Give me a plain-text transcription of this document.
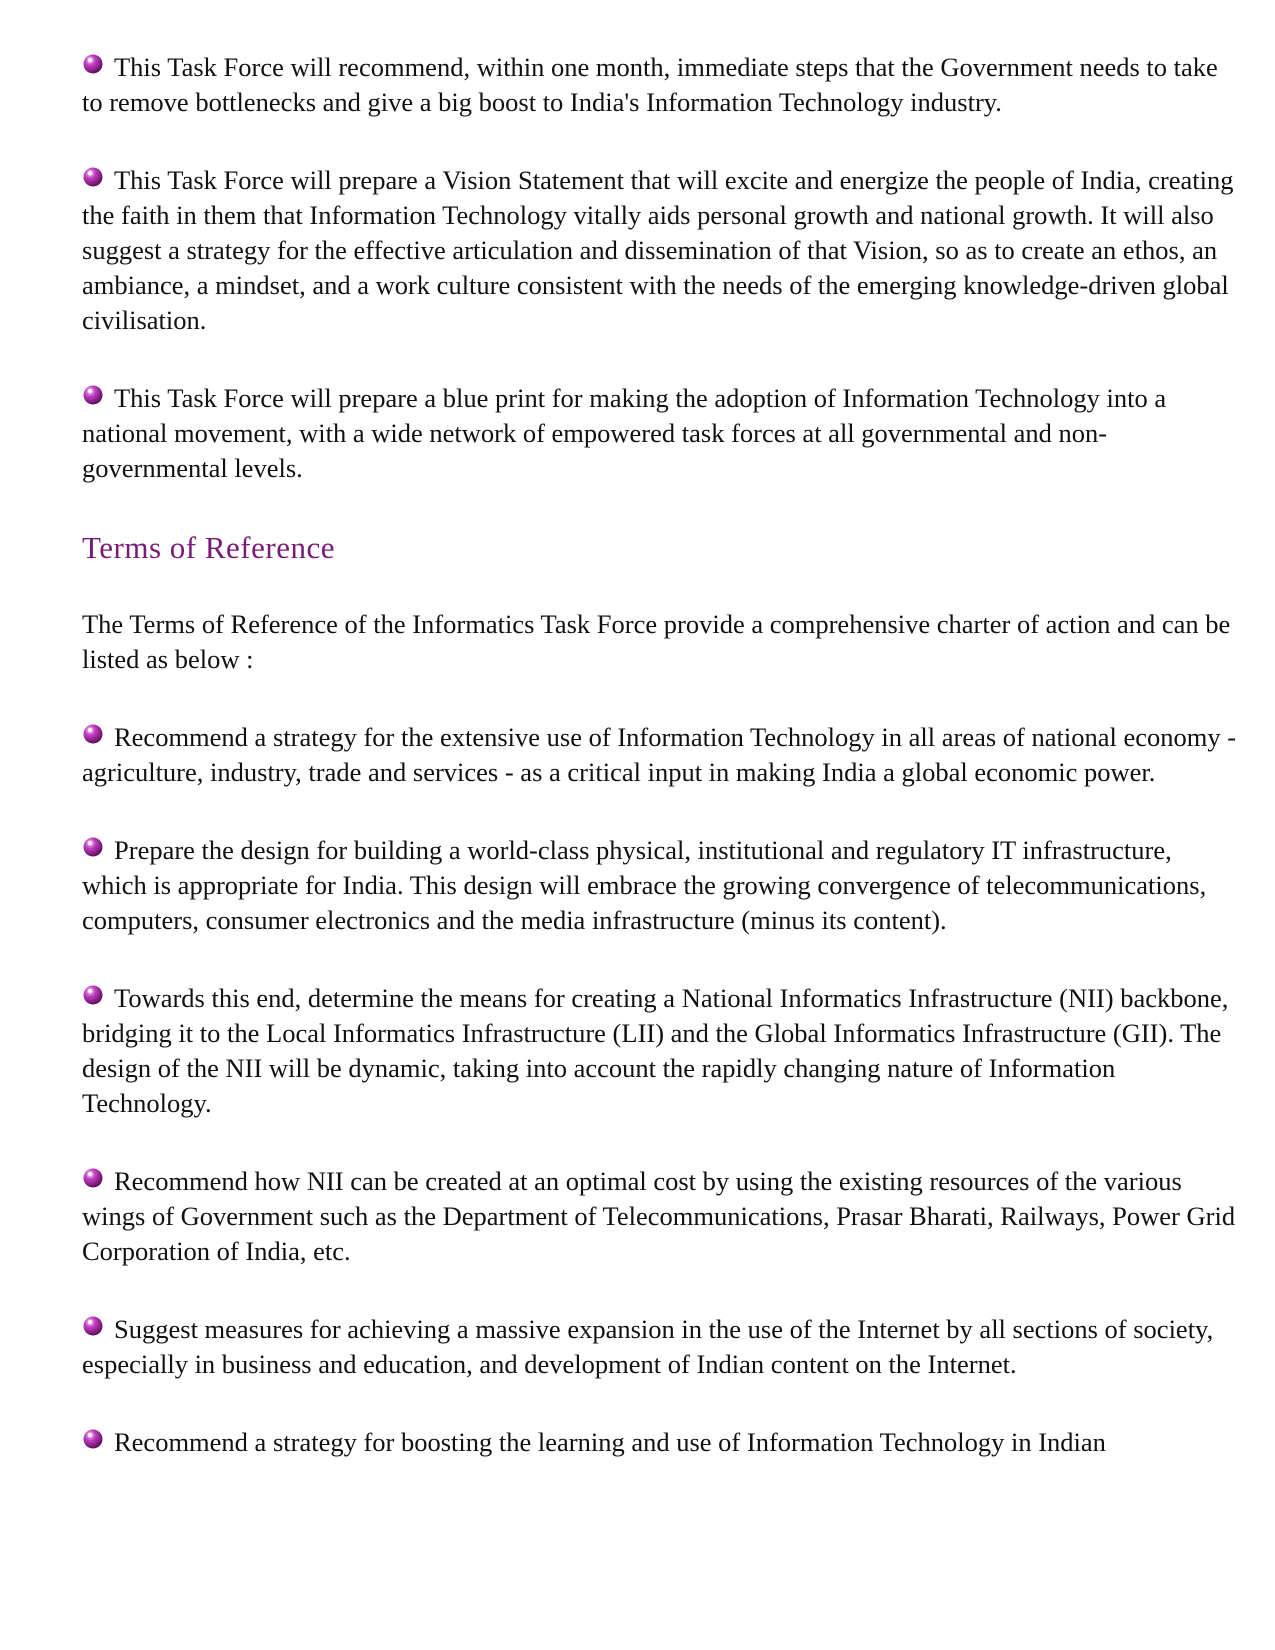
This Task Force will recommend, within one month, immediate steps that the Government needs to take to remove bottlenecks and give a big boost to India's Information Technology industry.

This Task Force will prepare a Vision Statement that will excite and energize the people of India, creating the faith in them that Information Technology vitally aids personal growth and national growth. It will also suggest a strategy for the effective articulation and dissemination of that Vision, so as to create an ethos, an ambiance, a mindset, and a work culture consistent with the needs of the emerging knowledge-driven global civilisation.

This Task Force will prepare a blue print for making the adoption of Information Technology into a national movement, with a wide network of empowered task forces at all governmental and non-governmental levels.

Terms of Reference

The Terms of Reference of the Informatics Task Force provide a comprehensive charter of action and can be listed as below :

Recommend a strategy for the extensive use of Information Technology in all areas of national economy - agriculture, industry, trade and services - as a critical input in making India a global economic power.

Prepare the design for building a world-class physical, institutional and regulatory IT infrastructure, which is appropriate for India. This design will embrace the growing convergence of telecommunications, computers, consumer electronics and the media infrastructure (minus its content).

Towards this end, determine the means for creating a National Informatics Infrastructure (NII) backbone, bridging it to the Local Informatics Infrastructure (LII) and the Global Informatics Infrastructure (GII). The design of the NII will be dynamic, taking into account the rapidly changing nature of Information Technology.

Recommend how NII can be created at an optimal cost by using the existing resources of the various wings of Government such as the Department of Telecommunications, Prasar Bharati, Railways, Power Grid Corporation of India, etc.

Suggest measures for achieving a massive expansion in the use of the Internet by all sections of society, especially in business and education, and development of Indian content on the Internet.

Recommend a strategy for boosting the learning and use of Information Technology in Indian
